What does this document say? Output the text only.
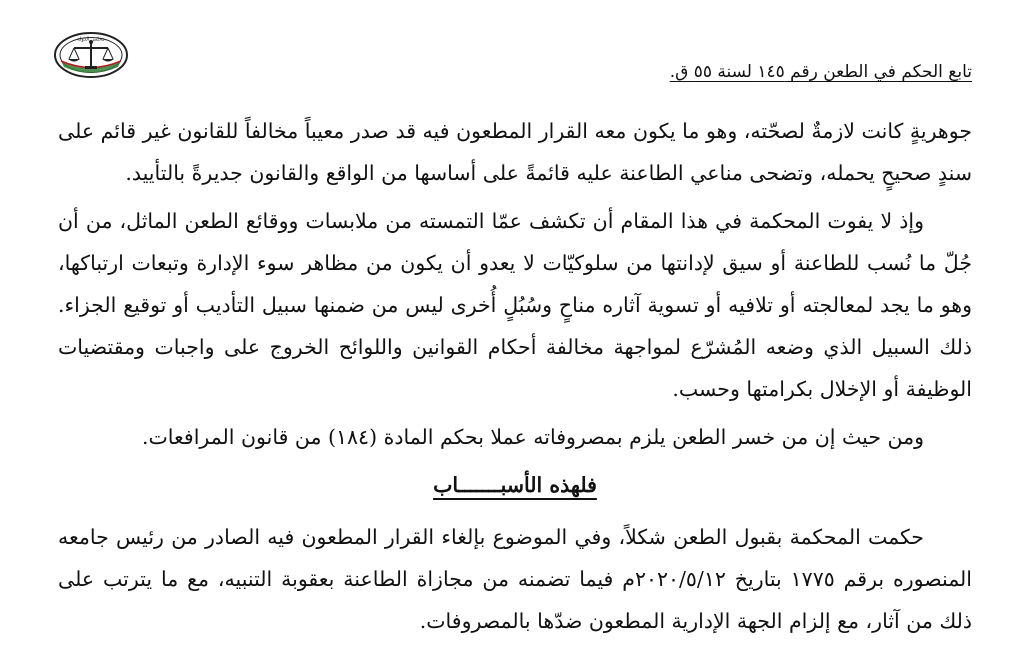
مجلس الدولة
تابع الحكم في الطعن رقم ١٤٥ لسنة ٥٥ ق.

جوهريةٍ كانت لازمةٌ لصحّته، وهو ما يكون معه القرار المطعون فيه قد صدر معيباً مخالفاً للقانون غير قائم على سندٍ صحيحٍ يحمله، وتضحى مناعي الطاعنة عليه قائمةً على أساسها من الواقع والقانون جديرةً بالتأييد.

وإذ لا يفوت المحكمة في هذا المقام أن تكشف عمّا التمسته من ملابسات ووقائع الطعن الماثل، من أن جُلّ ما نُسب للطاعنة أو سيق لإدانتها من سلوكيّات لا يعدو أن يكون من مظاهر سوء الإدارة وتبعات ارتباكها، وهو ما يجد لمعالجته أو تلافيه أو تسوية آثاره مناحٍ وسُبُلٍ أُخرى ليس من ضمنها سبيل التأديب أو توقيع الجزاء. ذلك السبيل الذي وضعه المُشرّع لمواجهة مخالفة أحكام القوانين واللوائح الخروج على واجبات ومقتضيات الوظيفة أو الإخلال بكرامتها وحسب.

ومن حيث إن من خسر الطعن يلزم بمصروفاته عملا بحكم المادة (١٨٤) من قانون المرافعات.

فلهذه الأسبـــــــاب

حكمت المحكمة بقبول الطعن شكلاً، وفي الموضوع بإلغاء القرار المطعون فيه الصادر من رئيس جامعه المنصوره برقم ١٧٧٥ بتاريخ ٢٠٢٠/٥/١٢م فيما تضمنه من مجازاة الطاعنة بعقوبة التنبيه، مع ما يترتب على ذلك من آثار، مع إلزام الجهة الإدارية المطعون ضدّها بالمصروفات.
